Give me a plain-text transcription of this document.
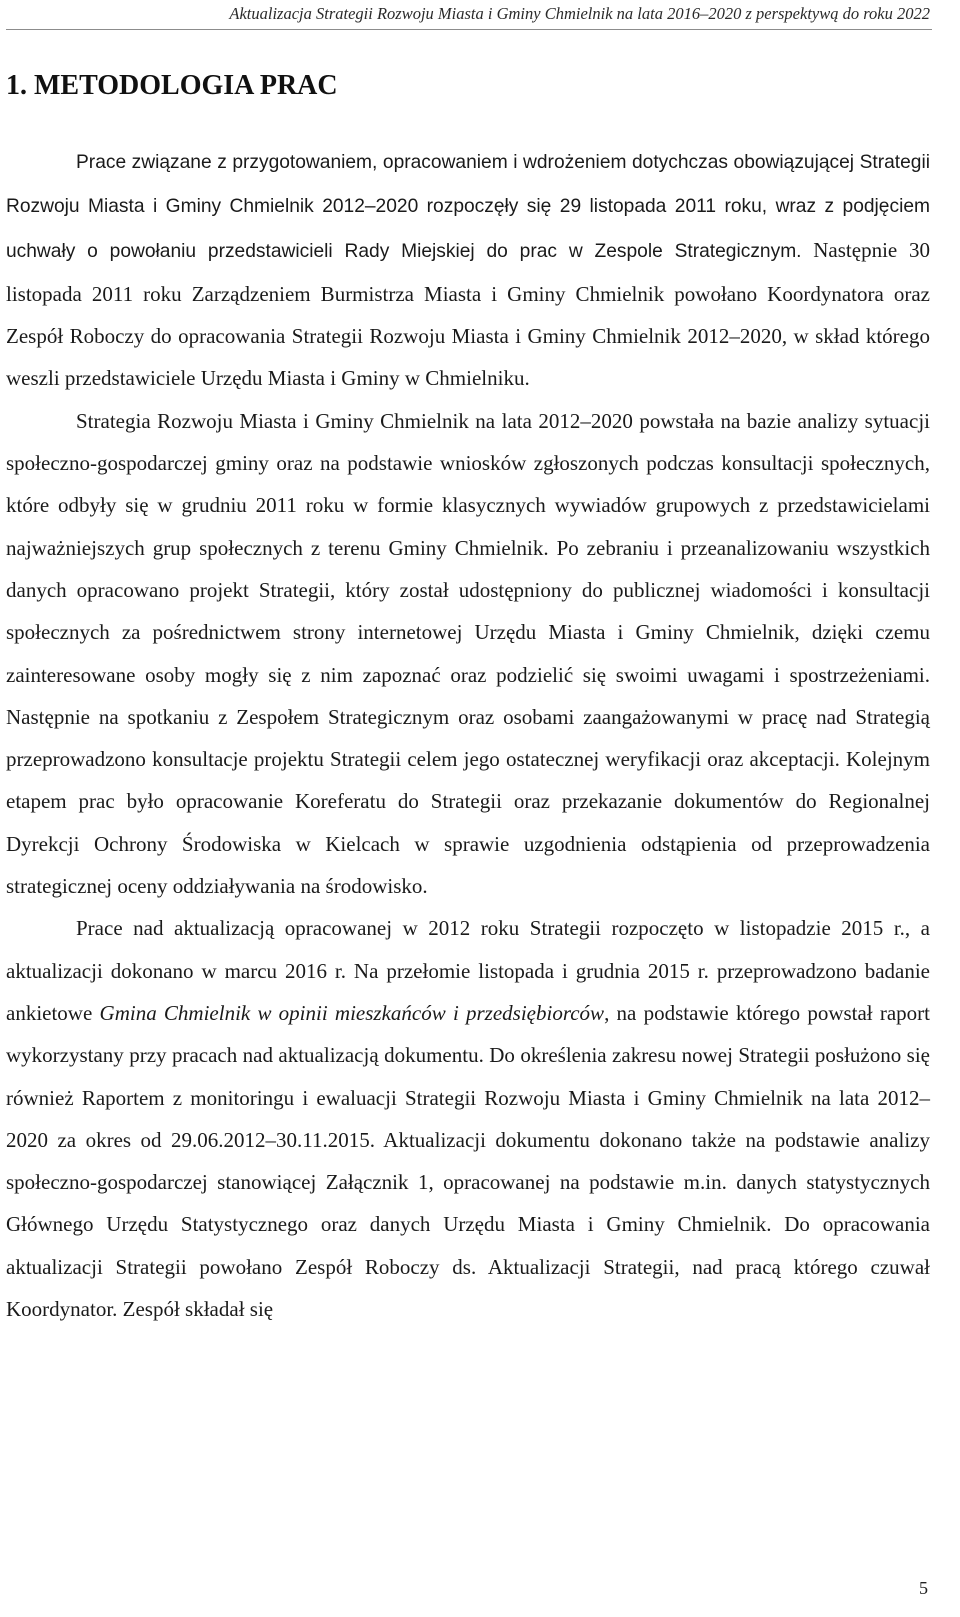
Aktualizacja Strategii Rozwoju Miasta i Gminy Chmielnik na lata 2016–2020 z perspektywą do roku 2022
1. METODOLOGIA PRAC

Prace związane z przygotowaniem, opracowaniem i wdrożeniem dotychczas obowiązującej Strategii Rozwoju Miasta i Gminy Chmielnik 2012–2020 rozpoczęły się 29 listopada 2011 roku, wraz z podjęciem uchwały o powołaniu przedstawicieli Rady Miejskiej do prac w Zespole Strategicznym. Następnie 30 listopada 2011 roku Zarządzeniem Burmistrza Miasta i Gminy Chmielnik powołano Koordynatora oraz Zespół Roboczy do opracowania Strategii Rozwoju Miasta i Gminy Chmielnik 2012–2020, w skład którego weszli przedstawiciele Urzędu Miasta i Gminy w Chmielniku.

Strategia Rozwoju Miasta i Gminy Chmielnik na lata 2012–2020 powstała na bazie analizy sytuacji społeczno-gospodarczej gminy oraz na podstawie wniosków zgłoszonych podczas konsultacji społecznych, które odbyły się w grudniu 2011 roku w formie klasycznych wywiadów grupowych z przedstawicielami najważniejszych grup społecznych z terenu Gminy Chmielnik. Po zebraniu i przeanalizowaniu wszystkich danych opracowano projekt Strategii, który został udostępniony do publicznej wiadomości i konsultacji społecznych za pośrednictwem strony internetowej Urzędu Miasta i Gminy Chmielnik, dzięki czemu zainteresowane osoby mogły się z nim zapoznać oraz podzielić się swoimi uwagami i spostrzeżeniami. Następnie na spotkaniu z Zespołem Strategicznym oraz osobami zaangażowanymi w pracę nad Strategią przeprowadzono konsultacje projektu Strategii celem jego ostatecznej weryfikacji oraz akceptacji. Kolejnym etapem prac było opracowanie Koreferatu do Strategii oraz przekazanie dokumentów do Regionalnej Dyrekcji Ochrony Środowiska w Kielcach w sprawie uzgodnienia odstąpienia od przeprowadzenia strategicznej oceny oddziaływania na środowisko.

Prace nad aktualizacją opracowanej w 2012 roku Strategii rozpoczęto w listopadzie 2015 r., a aktualizacji dokonano w marcu 2016 r. Na przełomie listopada i grudnia 2015 r. przeprowadzono badanie ankietowe Gmina Chmielnik w opinii mieszkańców i przedsiębiorców, na podstawie którego powstał raport wykorzystany przy pracach nad aktualizacją dokumentu. Do określenia zakresu nowej Strategii posłużono się również Raportem z monitoringu i ewaluacji Strategii Rozwoju Miasta i Gminy Chmielnik na lata 2012–2020 za okres od 29.06.2012–30.11.2015. Aktualizacji dokumentu dokonano także na podstawie analizy społeczno-gospodarczej stanowiącej Załącznik 1, opracowanej na podstawie m.in. danych statystycznych Głównego Urzędu Statystycznego oraz danych Urzędu Miasta i Gminy Chmielnik. Do opracowania aktualizacji Strategii powołano Zespół Roboczy ds. Aktualizacji Strategii, nad pracą którego czuwał Koordynator. Zespół składał się

5
